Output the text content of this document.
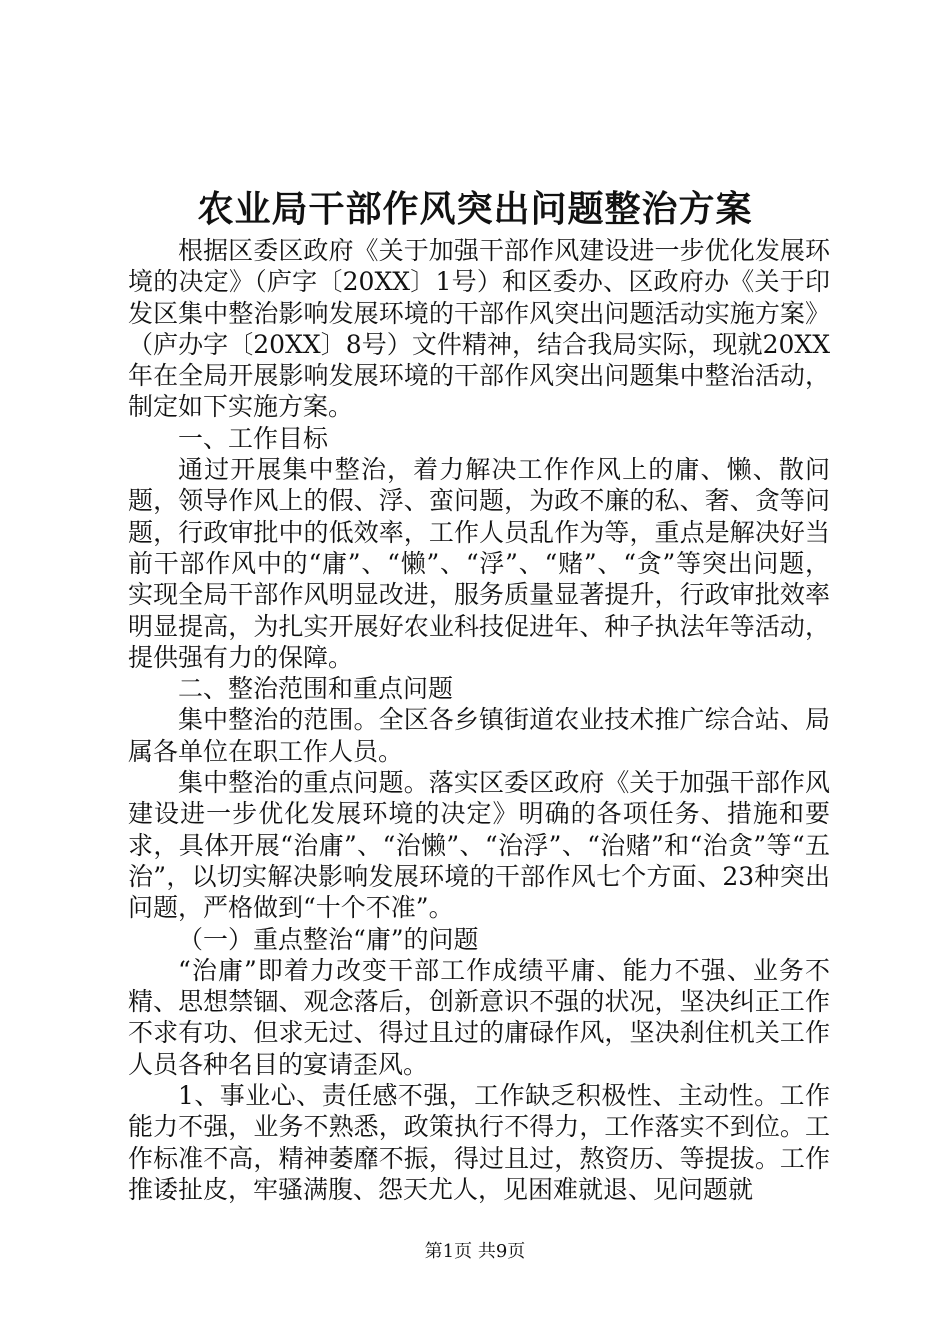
农业局干部作风突出问题整治方案

根据区委区政府《关于加强干部作风建设进一步优化发展环境的决定》（庐字〔20XX〕1号）和区委办、区政府办《关于印发区集中整治影响发展环境的干部作风突出问题活动实施方案》（庐办字〔20XX〕8号）文件精神，结合我局实际，现就20XX年在全局开展影响发展环境的干部作风突出问题集中整治活动，制定如下实施方案。

一、工作目标

通过开展集中整治，着力解决工作作风上的庸、懒、散问题，领导作风上的假、浮、蛮问题，为政不廉的私、奢、贪等问题，行政审批中的低效率，工作人员乱作为等，重点是解决好当前干部作风中的“庸”、“懒”、“浮”、“赌”、“贪”等突出问题，实现全局干部作风明显改进，服务质量显著提升，行政审批效率明显提高，为扎实开展好农业科技促进年、种子执法年等活动，提供强有力的保障。

二、整治范围和重点问题

集中整治的范围。全区各乡镇街道农业技术推广综合站、局属各单位在职工作人员。

集中整治的重点问题。落实区委区政府《关于加强干部作风建设进一步优化发展环境的决定》明确的各项任务、措施和要求，具体开展“治庸”、“治懒”、“治浮”、“治赌”和“治贪”等“五治”，以切实解决影响发展环境的干部作风七个方面、23种突出问题，严格做到“十个不准”。

（一）重点整治“庸”的问题

“治庸”即着力改变干部工作成绩平庸、能力不强、业务不精、思想禁锢、观念落后，创新意识不强的状况，坚决纠正工作不求有功、但求无过、得过且过的庸碌作风，坚决刹住机关工作人员各种名目的宴请歪风。

1、事业心、责任感不强，工作缺乏积极性、主动性。工作能力不强，业务不熟悉，政策执行不得力，工作落实不到位。工作标准不高，精神萎靡不振，得过且过，熬资历、等提拔。工作推诿扯皮，牢骚满腹、怨天尤人，见困难就退、见问题就

第1页 共9页
